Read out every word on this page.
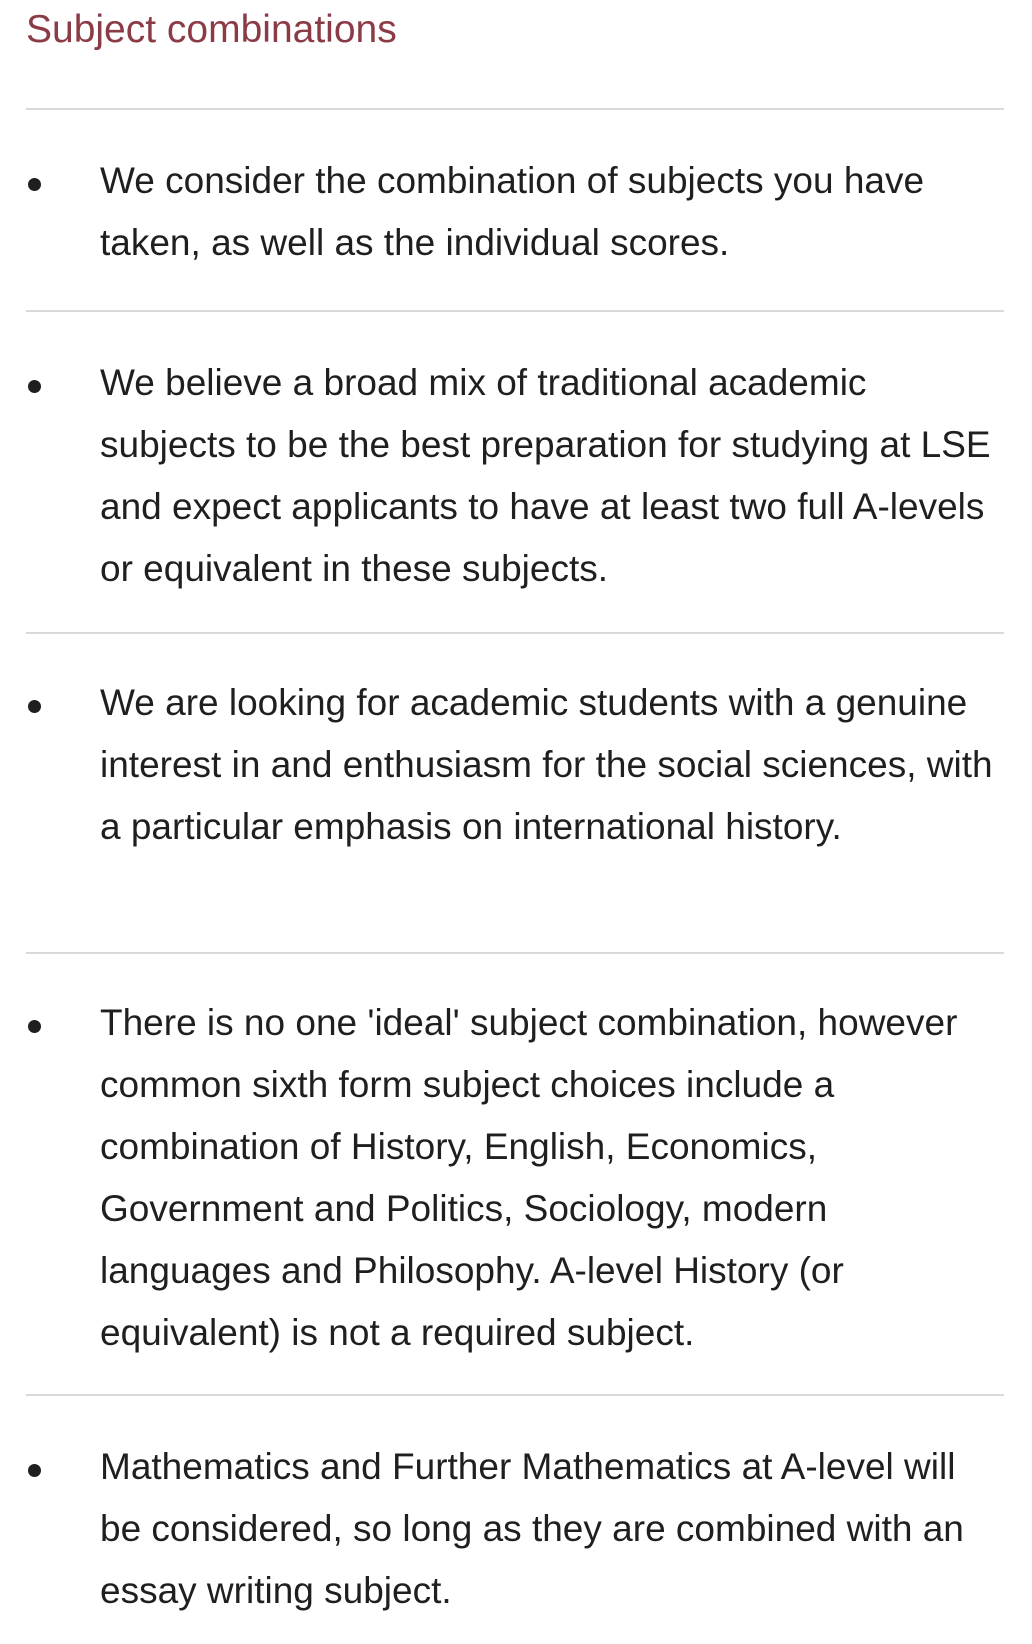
Subject combinations

We consider the combination of subjects you have taken, as well as the individual scores.

We believe a broad mix of traditional academic subjects to be the best preparation for studying at LSE and expect applicants to have at least two full A-levels or equivalent in these subjects.

We are looking for academic students with a genuine interest in and enthusiasm for the social sciences, with a particular emphasis on international history.

There is no one 'ideal' subject combination, however common sixth form subject choices include a combination of History, English, Economics, Government and Politics, Sociology, modern languages and Philosophy. A-level History (or equivalent) is not a required subject.

Mathematics and Further Mathematics at A-level will be considered, so long as they are combined with an essay writing subject.
